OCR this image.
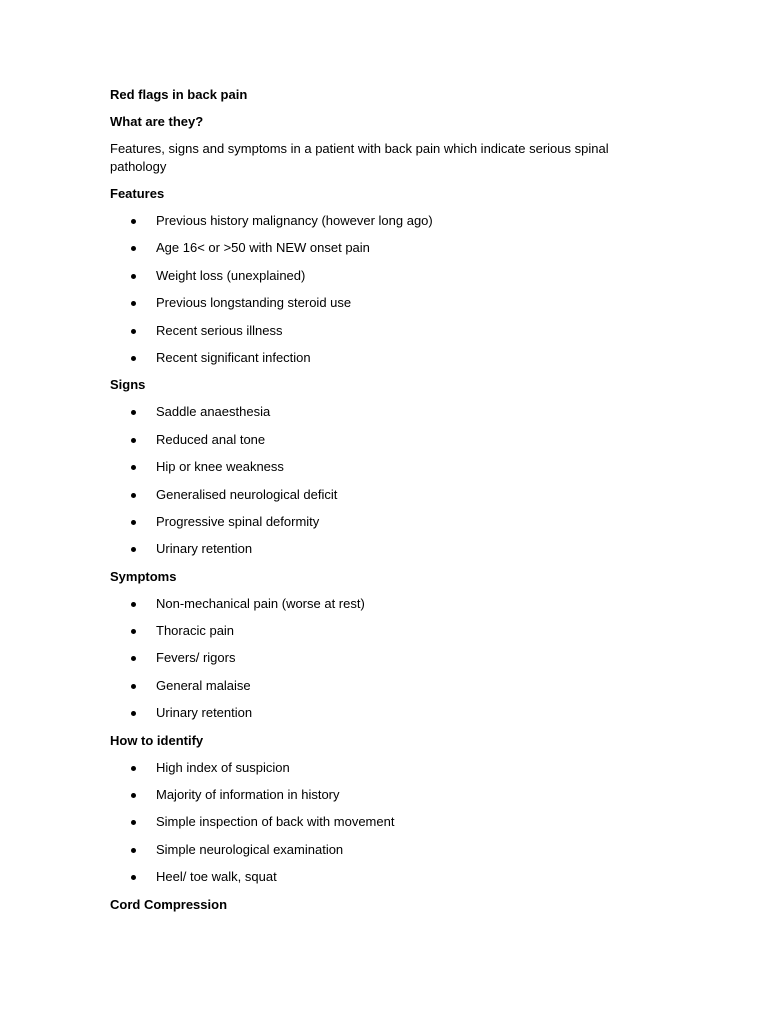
Red flags in back pain
What are they?
Features, signs and symptoms in a patient with back pain which indicate serious spinal pathology
Features
Previous history malignancy (however long ago)
Age 16< or >50 with NEW onset pain
Weight loss (unexplained)
Previous longstanding steroid use
Recent serious illness
Recent significant infection
Signs
Saddle anaesthesia
Reduced anal tone
Hip or knee weakness
Generalised neurological deficit
Progressive spinal deformity
Urinary retention
Symptoms
Non-mechanical pain (worse at rest)
Thoracic pain
Fevers/ rigors
General malaise
Urinary retention
How to identify
High index of suspicion
Majority of information in history
Simple inspection of back with movement
Simple neurological examination
Heel/ toe walk, squat
Cord Compression
